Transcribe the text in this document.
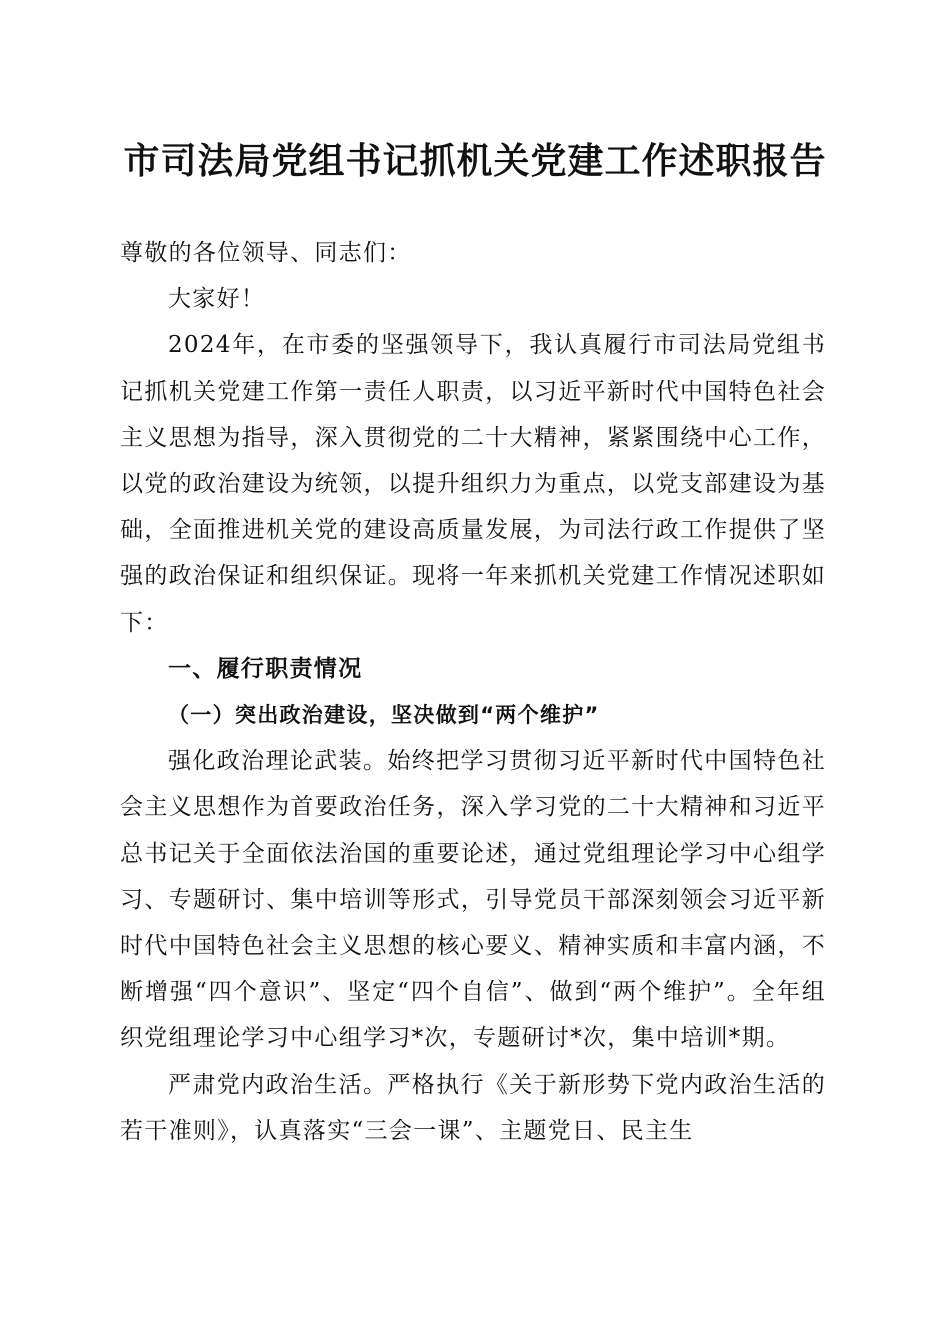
市司法局党组书记抓机关党建工作述职报告

尊敬的各位领导、同志们：

大家好！

2024年，在市委的坚强领导下，我认真履行市司法局党组书记抓机关党建工作第一责任人职责，以习近平新时代中国特色社会主义思想为指导，深入贯彻党的二十大精神，紧紧围绕中心工作，以党的政治建设为统领，以提升组织力为重点，以党支部建设为基础，全面推进机关党的建设高质量发展，为司法行政工作提供了坚强的政治保证和组织保证。现将一年来抓机关党建工作情况述职如下：

一、履行职责情况

（一）突出政治建设，坚决做到“两个维护”

强化政治理论武装。始终把学习贯彻习近平新时代中国特色社会主义思想作为首要政治任务，深入学习党的二十大精神和习近平总书记关于全面依法治国的重要论述，通过党组理论学习中心组学习、专题研讨、集中培训等形式，引导党员干部深刻领会习近平新时代中国特色社会主义思想的核心要义、精神实质和丰富内涵，不断增强“四个意识”、坚定“四个自信”、做到“两个维护”。全年组织党组理论学习中心组学习*次，专题研讨*次，集中培训*期。

严肃党内政治生活。严格执行《关于新形势下党内政治生活的若干准则》，认真落实“三会一课”、主题党日、民主生
